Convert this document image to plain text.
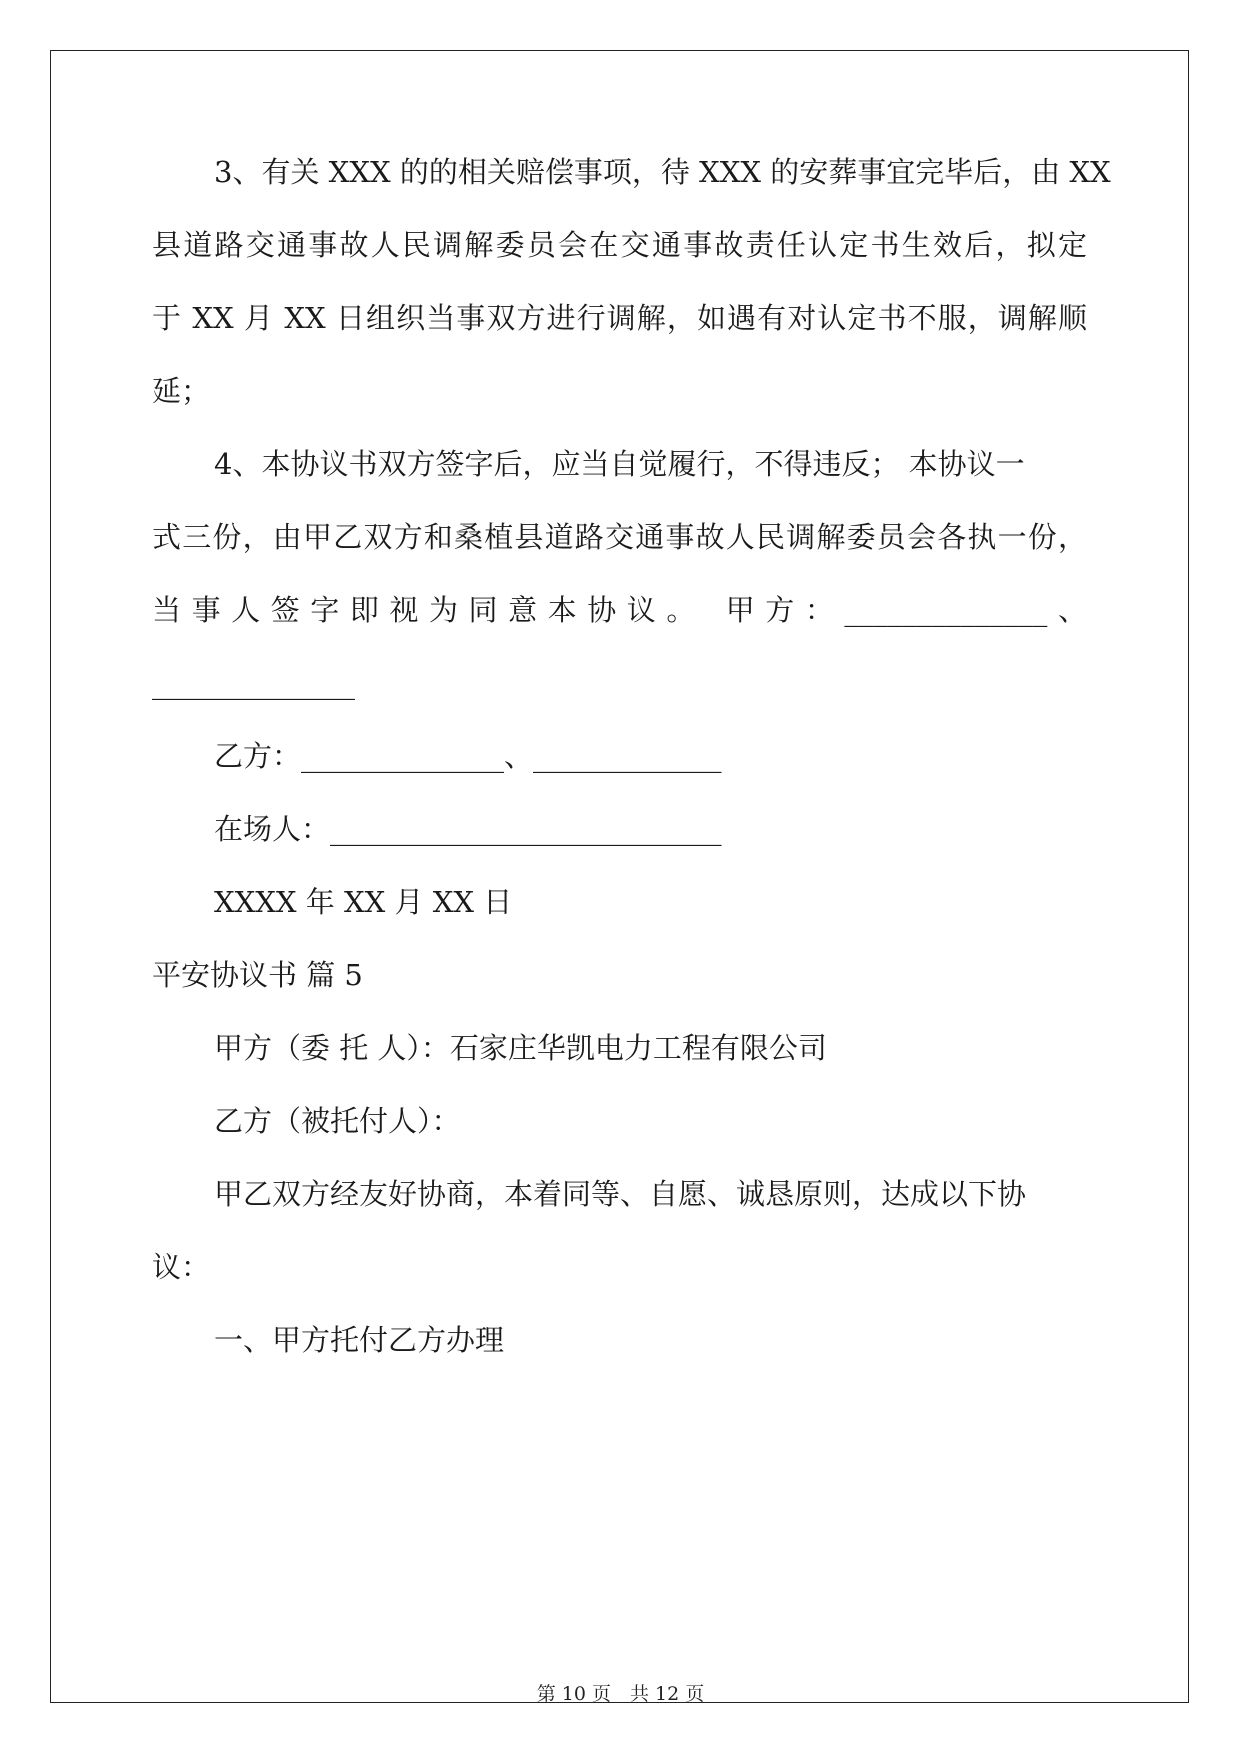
3、有关 XXX 的的相关赔偿事项，待 XXX 的安葬事宜完毕后，由 XX
县道路交通事故人民调解委员会在交通事故责任认定书生效后，拟定
于 XX 月 XX 日组织当事双方进行调解，如遇有对认定书不服，调解顺
延；
4、本协议书双方签字后，应当自觉履行，不得违反； 本协议一
式三份，由甲乙双方和桑植县道路交通事故人民调解委员会各执一份，
当事人签字即视为同意本协议。 甲方：______________、
______________
乙方：______________、_____________
在场人：___________________________
XXXX 年 XX 月 XX 日
平安协议书 篇 5
甲方（委 托 人）：石家庄华凯电力工程有限公司
乙方（被托付人）：
甲乙双方经友好协商，本着同等、自愿、诚恳原则，达成以下协
议：
一、甲方托付乙方办理
第 10 页　共 12 页
